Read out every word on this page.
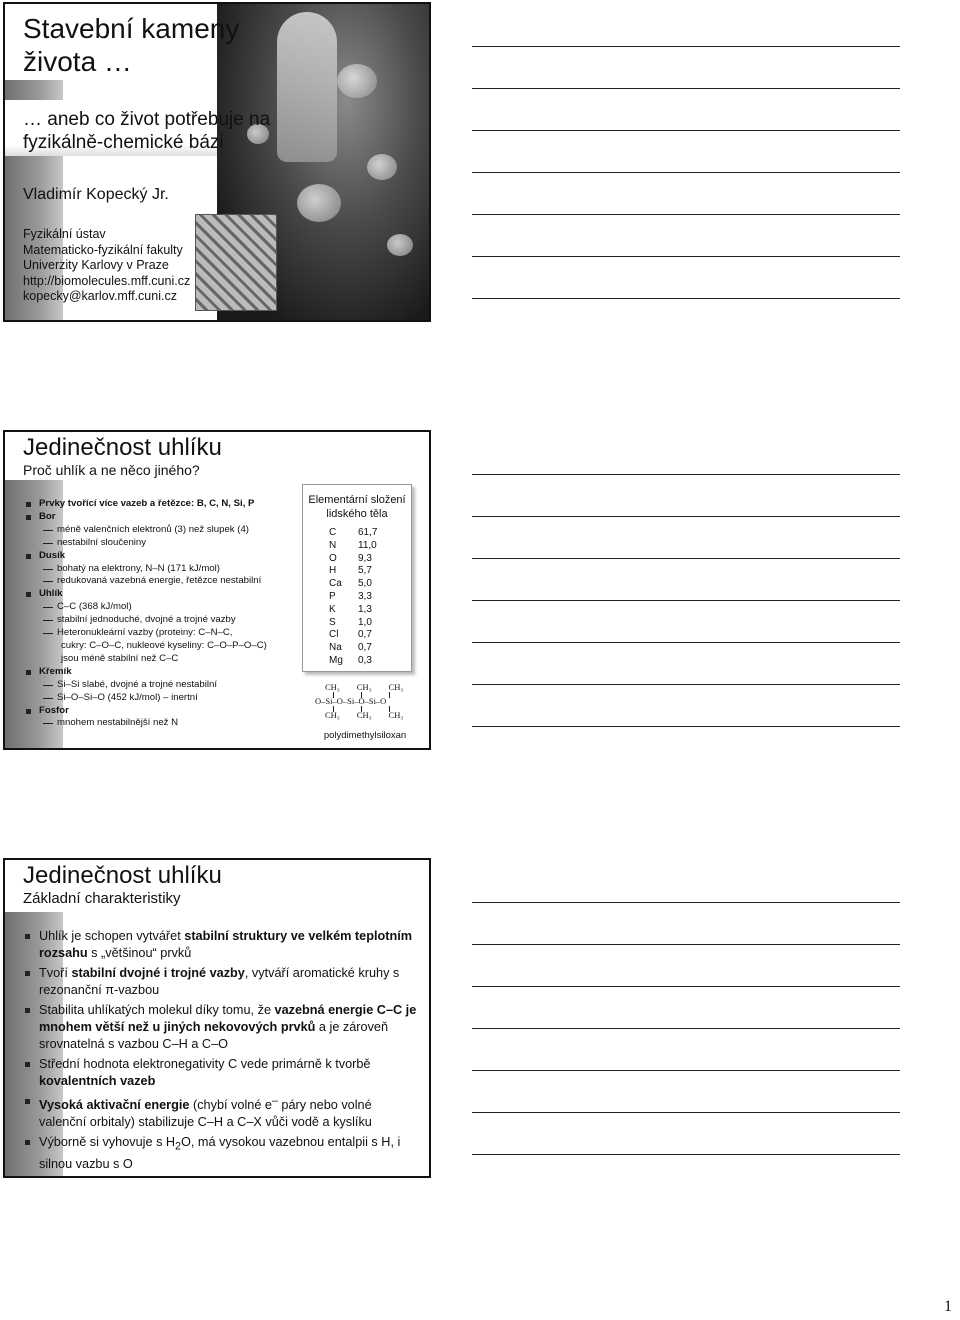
Stavební kameny
života …
… aneb co život potřebuje na
fyzikálně-chemické bázi
Vladimír Kopecký Jr.
Fyzikální ústav
Matematicko-fyzikální fakulty
Univerzity Karlovy v Praze
http://biomolecules.mff.cuni.cz
kopecky@karlov.mff.cuni.cz
Jedinečnost uhlíku
Proč uhlík a ne něco jiného?
Prvky tvořící více vazeb a řetězce: B, C, N, Si, P
Bor
méně valenčních elektronů (3) než slupek (4)
nestabilní sloučeniny
Dusík
bohatý na elektrony, N–N (171 kJ/mol)
redukovaná vazebná energie, řetězce nestabilní
Uhlík
C–C (368 kJ/mol)
stabilní jednoduché, dvojné a trojné vazby
Heteronukleární vazby (proteiny: C–N–C,
cukry: C–O–C, nukleové kyseliny: C–O–P–O–C)
jsou méně stabilní než C–C
Křemík
Si–Si slabé, dvojné a trojné nestabilní
Si–O–Si–O (452 kJ/mol) – inertní
Fosfor
mnohem nestabilnější než N
Elementární složení
lidského těla
C	61,7
N	11,0
O	9,3
H	5,7
Ca	5,0
P	3,3
K	1,3
S	1,0
Cl	0,7
Na	0,7
Mg	0,3
CH₃        CH₃        CH₃
O–Si–O–Si–O–Si–O
CH₃        CH₃        CH₃
polydimethylsiloxan
Jedinečnost uhlíku
Základní charakteristiky
Uhlík je schopen vytvářet stabilní struktury ve velkém teplotním rozsahu s „většinou“ prvků
Tvoří stabilní dvojné i trojné vazby, vytváří aromatické kruhy s rezonanční π-vazbou
Stabilita uhlíkatých molekul díky tomu, že vazebná energie C–C je mnohem větší než u jiných nekovových prvků a je zároveň srovnatelná s vazbou C–H a C–O
Střední hodnota elektronegativity C vede primárně k tvorbě kovalentních vazeb
Vysoká aktivační energie (chybí volné e– páry nebo volné valenční orbitaly) stabilizuje C–H a C–X vůči vodě a kyslíku
Výborně si vyhovuje s $H_2O$, má vysokou vazebnou entalpii s H, i silnou vazbu s O
1
